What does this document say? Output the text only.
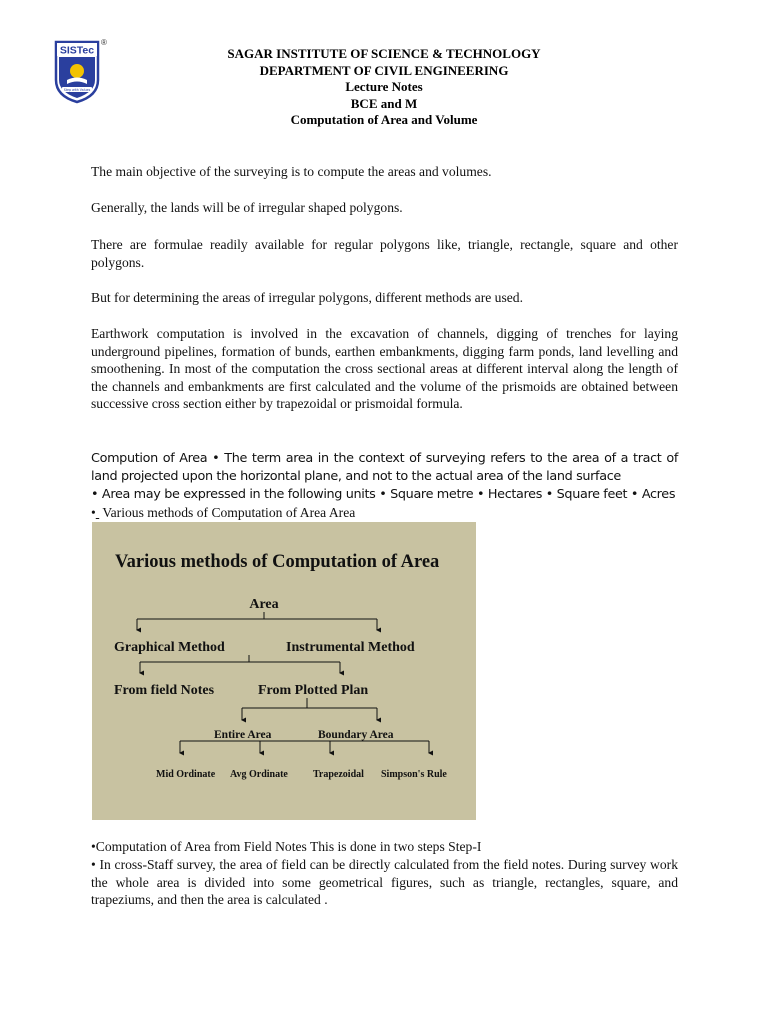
SISTec
Step with Values
®
SAGAR INSTITUTE OF SCIENCE & TECHNOLOGY
DEPARTMENT OF CIVIL ENGINEERING
Lecture Notes
BCE and M
Computation of Area and Volume

The main objective of the surveying is to compute the areas and volumes.

Generally, the lands will be of irregular shaped polygons.

There are formulae readily available for regular polygons like, triangle, rectangle, square and other polygons.

But for determining the areas of irregular polygons, different methods are used.

Earthwork computation is involved in the excavation of channels, digging of trenches for laying underground pipelines, formation of bunds, earthen embankments, digging farm ponds, land levelling and smoothening. In most of the computation the cross sectional areas at different interval along the length of the channels and embankments are first calculated and the volume of the prismoids are obtained between successive cross section either by trapezoidal or prismoidal formula.

Compution of Area • The term area in the context of surveying refers to the area of a tract of land projected upon the horizontal plane, and not to the actual area of the land surface

• Area may be expressed in the following units • Square metre • Hectares • Square feet • Acres

•  Various methods of Computation of Area Area

•Computation of Area from Field Notes This is done in two steps Step-I

• In cross-Staff survey, the area of field can be directly calculated from the field notes. During survey work the whole area is divided into some geometrical figures, such as triangle, rectangles, square, and trapeziums, and then the area is calculated .

Various methods of Computation of Area
Area
Graphical Method	Instrumental Method
From field Notes	From Plotted Plan
Entire Area	Boundary Area
Mid Ordinate Avg Ordinate	Trapezoidal Simpson's Rule
